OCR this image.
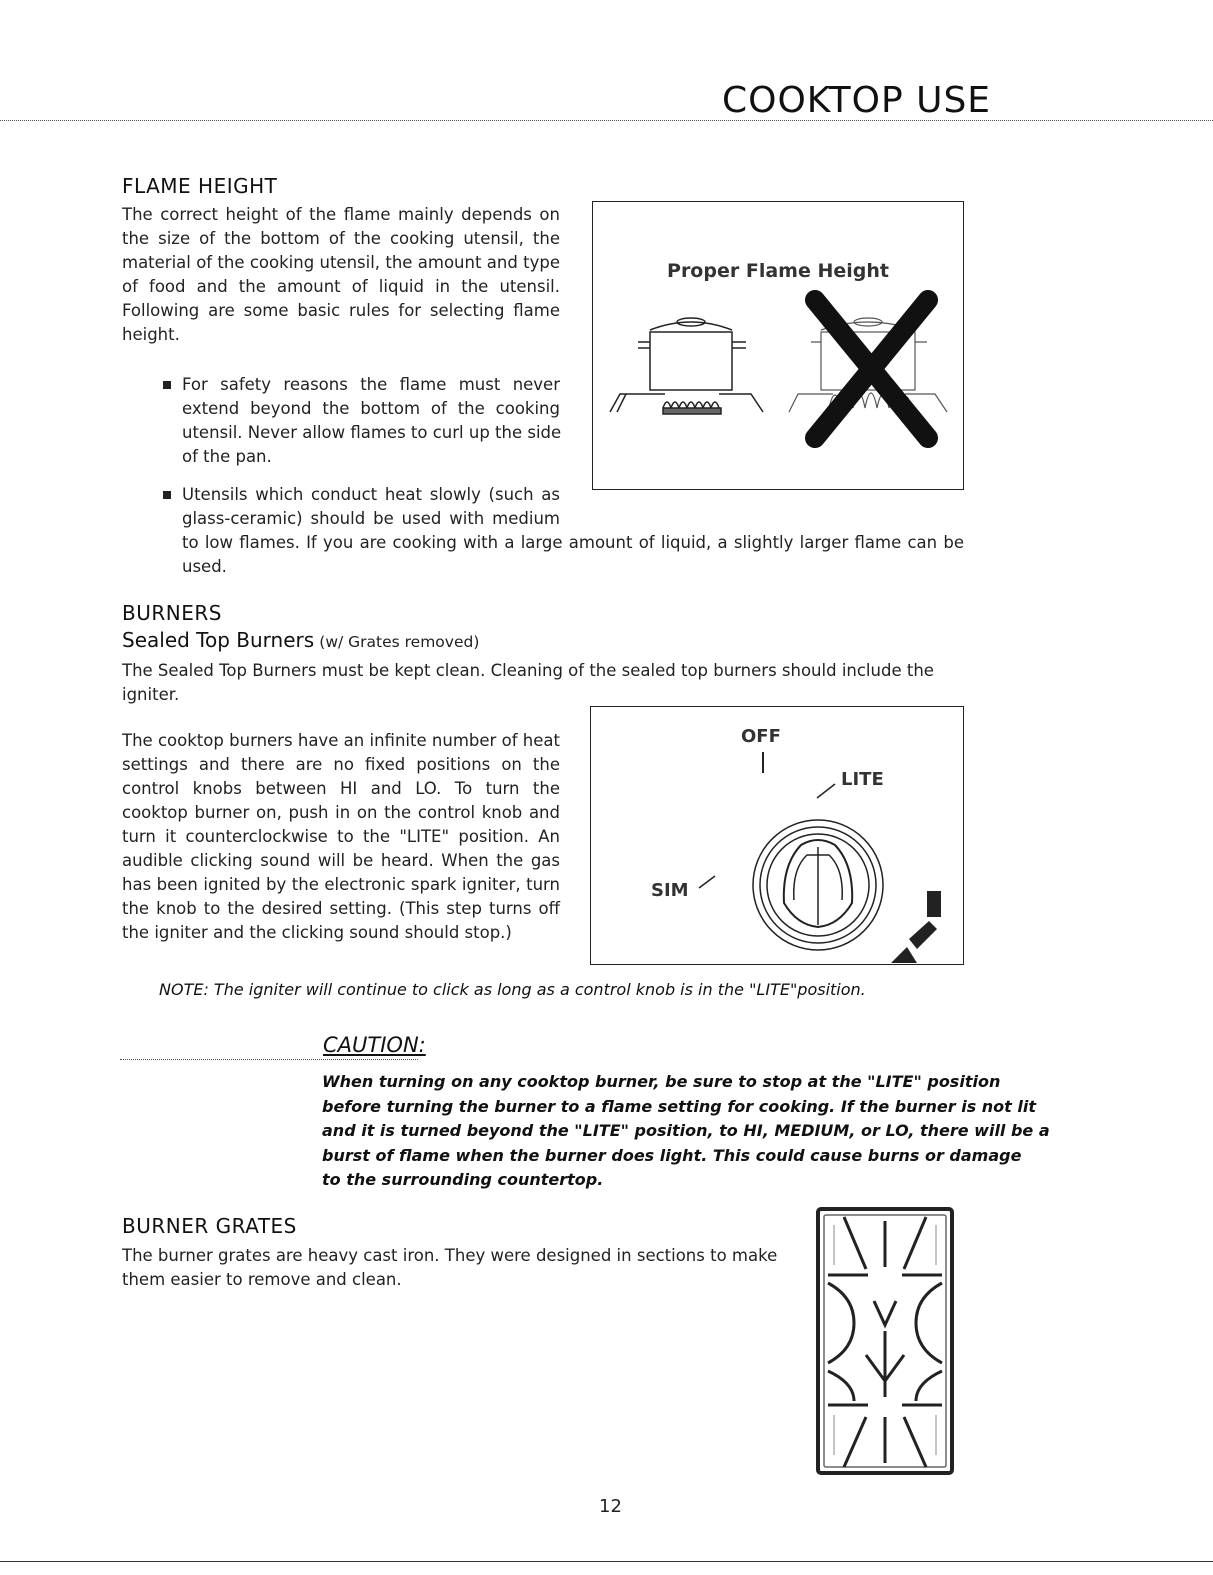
COOKTOP USE
FLAME HEIGHT
The correct height of the flame mainly depends on
the size of the bottom of the cooking utensil, the
material of the cooking utensil, the amount and type
of food and the amount of liquid in the utensil.
Following are some basic rules for selecting flame
height.
For safety reasons the flame must never
extend beyond the bottom of the cooking
utensil. Never allow flames to curl up the side
of the pan.
Utensils which conduct heat slowly (such as
glass-ceramic) should be used with medium
to low flames. If you are cooking with a large amount of liquid, a slightly larger flame can be
used.
Proper Flame Height
BURNERS
Sealed Top Burners (w/ Grates removed)
The Sealed Top Burners must be kept clean. Cleaning of the sealed top burners should include the
igniter.
The cooktop burners have an infinite number of heat
settings and there are no fixed positions on the
control knobs between HI and LO. To turn the
cooktop burner on, push in on the control knob and
turn it counterclockwise to the "LITE" position. An
audible clicking sound will be heard. When the gas
has been ignited by the electronic spark igniter, turn
the knob to the desired setting. (This step turns off
the igniter and the clicking sound should stop.)
OFF
LITE
SIM
NOTE: The igniter will continue to click as long as a control knob is in the "LITE"position.
CAUTION:
When turning on any cooktop burner, be sure to stop at the "LITE" position
before turning the burner to a flame setting for cooking. If the burner is not lit
and it is turned beyond the "LITE" position, to HI, MEDIUM, or LO, there will be a
burst of flame when the burner does light. This could cause burns or damage
to the surrounding countertop.
BURNER GRATES
The burner grates are heavy cast iron. They were designed in sections to make
them easier to remove and clean.
12
